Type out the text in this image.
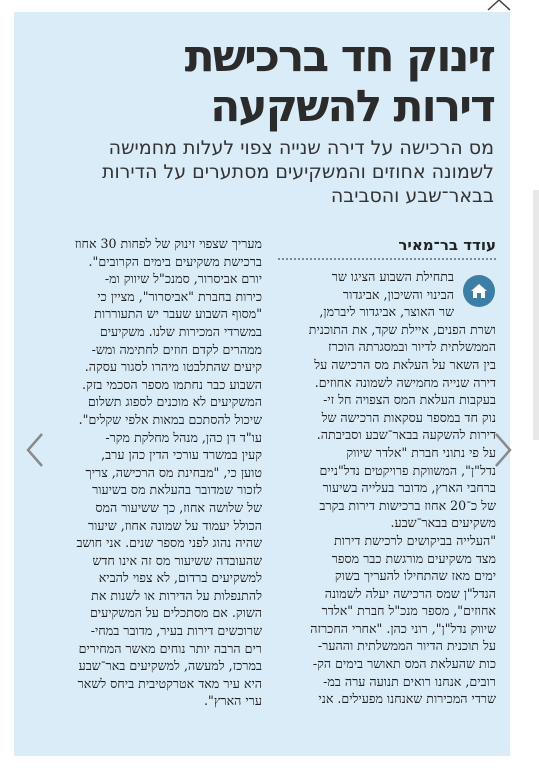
זינוק חד ברכישת
דירות להשקעה
מס הרכישה על דירה שנייה צפוי לעלות מחמישה
לשמונה אחוזים והמשקיעים מסתערים על הדירות
בבאר־שבע והסביבה
עודד בר־מאיר
בתחילת השבוע הציגו שר
הבינוי והשיכון, אביגדור
שר האוצר, אביגדור ליברמן,
ושרת הפנים, איילת שקד, את התוכנית
הממשלתית לדיור ובמסגרתה הוכרז
בין השאר על העלאת מס הרכישה על
דירה שנייה מחמישה לשמונה אחוזים.
בעקבות העלאת המס הצפויה חל זי-
נוק חד במספר עסקאות הרכישה של
דירות להשקעה בבאר־שבע וסביבתה.
על פי נתוני חברת "אלדר שיווק
נדל"ן", המשווקת פרויקטים נדל"ניים
ברחבי הארץ, מדובר בעלייה בשיעור
של כ־20 אחוז ברכישות דירות בקרב
משקיעים בבאר־שבע.
"העלייה בביקושים לרכישת דירות
מצד משקיעים מורגשת כבר מספר
ימים מאז שהתחילו להעריך בשוק
הנדל"ן שמס הרכישה יעלה לשמונה
אחוזים", מספר מנכ"ל חברת "אלדר
שיווק נדל"ן", רוני כהן. "אחרי החכרזה
על תוכנית הדיור הממשלתית וההער-
כות שהעלאת המס תאושר בימים הק-
רובים, אנחנו רואים תנועה ערה במ-
שרדי המכירות שאנחנו מפעילים. אני
מעריך שצפוי זינוק של לפחות 30 אחוז
ברכישת משקיעים בימים הקרובים".
יורם אביסרור, סמנכ"ל שיווק ומ-
כירות בחברת "אביסרור", מציין כי
"מסוף השבוע שעבר יש התעוררות
במשרדי המכירות שלנו. משקיעים
ממהרים לקדם חוזים לחתימה ומש-
קיעים שהתלבטו מיהרו לסגור עסקה.
השבוע כבר נחתמו מספר הסכמי בזק.
המשקיעים לא מוכנים לספוג תשלום
שיכול להסתכם במאות אלפי שקלים".
עו"ד דן כהן, מנהל מחלקת מקר-
קעין במשרד עורכי הדין כהן ערב,
טוען כי, "מבחינת מס הרכישה, צריך
לזכור שמדובר בהעלאת מס בשיעור
של שלושה אחוז, כך ששיעור המס
הכולל יעמוד על שמונה אחוז, שיעור
שהיה נהוג לפני מספר שנים. אני חושב
שהעובדה ששיעור מס זה אינו חדש
למשקיעים ברדום, לא צפוי להביא
להתנפלות על הדירות או לשנות את
השוק. אם מסתכלים על המשקיעים
שרוכשים דירות בעיר, מדובר במחי-
רים הרבה יותר נוחים מאשר המחירים
במרכז, למעשה, למשקיעים באר־שבע
היא עיר מאד אטרקטיבית ביחס לשאר
ערי הארץ".
